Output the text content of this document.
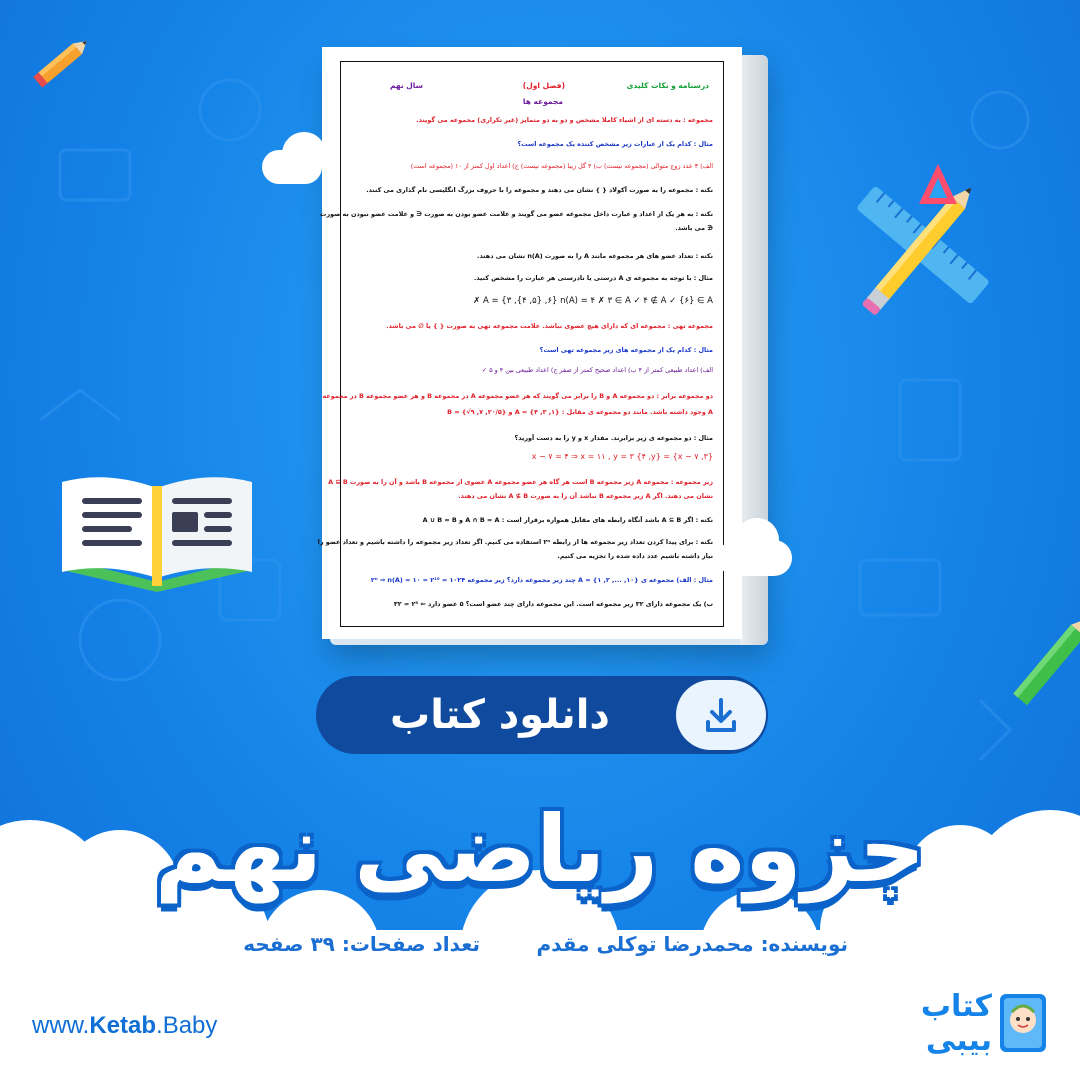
درسنامه و نکات کلیدی
(فصل اول)
سال نهم
مجموعه ها
مجموعه : به دسته ای از اشیاء کاملا مشخص و دو به دو متمایز (غیر تکراری) مجموعه می گویند.
مثال : کدام یک از عبارات زیر مشخص کننده یک مجموعه است؟
الف) ۳ عدد زوج متوالی (مجموعه نیست) ب) ۴ گل زیبا (مجموعه نیست) ج) اعداد اول کمتر از ۱۰ (مجموعه است)
نکته : مجموعه را به صورت آکولاد { } نشان می دهند و مجموعه را با حروف بزرگ انگلیسی نام گذاری می کنند.
نکته : به هر یک از اعداد و عبارت داخل مجموعه عضو می گویند و علامت عضو بودن به صورت ∈ و علامت عضو نبودن به صورت
∉ می باشد.
نکته : تعداد عضو های هر مجموعه مانند A را به صورت n(A) نشان می دهند.
مثال : با توجه به مجموعه ی A درستی یا نادرستی هر عبارت را مشخص کنید.
A = {۳ ,{۴ ,۵} ,۶} n(A) = ۴ ✗ ۳ ∈ A ✓ ۴ ∉ A ✓ {۶} ∈ A ✗
مجموعه تهی : مجموعه ای که دارای هیچ عضوی نباشد. علامت مجموعه تهی به صورت { } یا ∅ می باشد.
مثال : کدام یک از مجموعه های زیر مجموعه تهی است؟
الف) اعداد طبیعی کمتر از ۴ ب) اعداد صحیح کمتر از صفر ج) اعداد طبیعی بین ۴ و ۵ ✓
دو مجموعه برابر : دو مجموعه A و B را برابر می گویند که هر عضو مجموعه A در مجموعه B و هر عضو مجموعه B در مجموعه
A وجود داشته باشد. مانند دو مجموعه ی مقابل : A = {۴ ,۳ ,۱} و B = {√۹ ,۷ ,۲۰/۵}
مثال : دو مجموعه ی زیر برابرند. مقدار x و y را به دست آورید؟
{x − ۷ ,۳} = {۴ ,y} x − ۷ = ۴ ⇒ x = ۱۱ , y = ۳
زیر مجموعه : مجموعه A زیر مجموعه B است هر گاه هر عضو مجموعه A عضوی از مجموعه B باشد و آن را به صورت A ⊆ B
نشان می دهند. اگر A زیر مجموعه B نباشد آن را به صورت A ⊈ B نشان می دهند.
نکته : اگر A ⊆ B باشد آنگاه رابطه های مقابل همواره برقرار است : A ∩ B = A و A ∪ B = B
نکته : برای پیدا کردن تعداد زیر مجموعه ها از رابطه ۲ⁿ استفاده می کنیم. اگر تعداد زیر مجموعه را داشته باشیم و تعداد عضو را
نیاز داشته باشیم عدد داده شده را تجزیه می کنیم.
مثال : الف) مجموعه ی A = {۱ ,۲ ,... ,۱۰} چند زیر مجموعه دارد؟ زیر مجموعه ۱۰۲۴ = ۲¹⁰ = ۲ⁿ ⇒ n(A) = ۱۰
ب) یک مجموعه دارای ۳۲ زیر مجموعه است. این مجموعه دارای چند عضو است؟ ۵ عضو دارد ⇐ ۲⁵ = ۳۲
دانلود کتاب
جزوه ریاضی نهم
نویسنده: محمدرضا توکلی مقدم
تعداد صفحات: ۳۹ صفحه
www.Ketab.Baby
کتاب
بیبی
